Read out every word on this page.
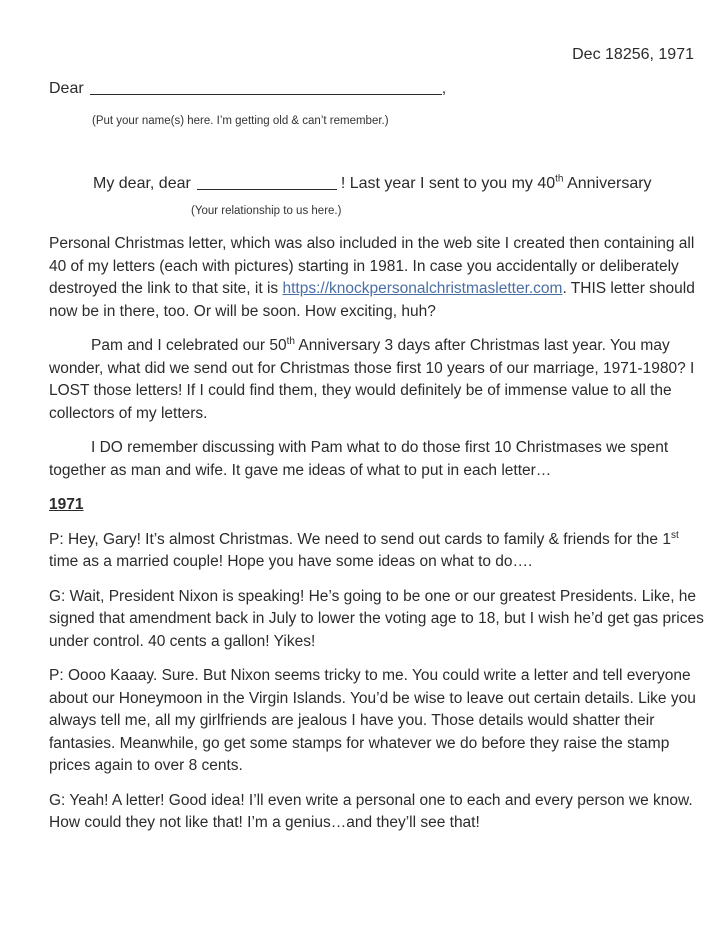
Dec 18256, 1971
Dear	,
(Put your name(s) here. I’m getting old & can’t remember.)
My dear, dear	! Last year I sent to you my 40th Anniversary
(Your relationship to us here.)

Personal Christmas letter, which was also included in the web site I created then containing all 40 of my letters (each with pictures) starting in 1981. In case you accidentally or deliberately destroyed the link to that site, it is https://knockpersonalchristmasletter.com. THIS letter should now be in there, too. Or will be soon. How exciting, huh?

Pam and I celebrated our 50th Anniversary 3 days after Christmas last year. You may wonder, what did we send out for Christmas those first 10 years of our marriage, 1971-1980? I LOST those letters! If I could find them, they would definitely be of immense value to all the collectors of my letters.

I DO remember discussing with Pam what to do those first 10 Christmases we spent together as man and wife. It gave me ideas of what to put in each letter…

1971

P: Hey, Gary! It’s almost Christmas. We need to send out cards to family & friends for the 1st time as a married couple! Hope you have some ideas on what to do….

G: Wait, President Nixon is speaking! He’s going to be one or our greatest Presidents. Like, he signed that amendment back in July to lower the voting age to 18, but I wish he’d get gas prices under control. 40 cents a gallon! Yikes!

P: Oooo Kaaay. Sure. But Nixon seems tricky to me. You could write a letter and tell everyone about our Honeymoon in the Virgin Islands. You’d be wise to leave out certain details. Like you always tell me, all my girlfriends are jealous I have you. Those details would shatter their fantasies. Meanwhile, go get some stamps for whatever we do before they raise the stamp prices again to over 8 cents.

G: Yeah! A letter! Good idea! I’ll even write a personal one to each and every person we know. How could they not like that! I’m a genius…and they’ll see that!
